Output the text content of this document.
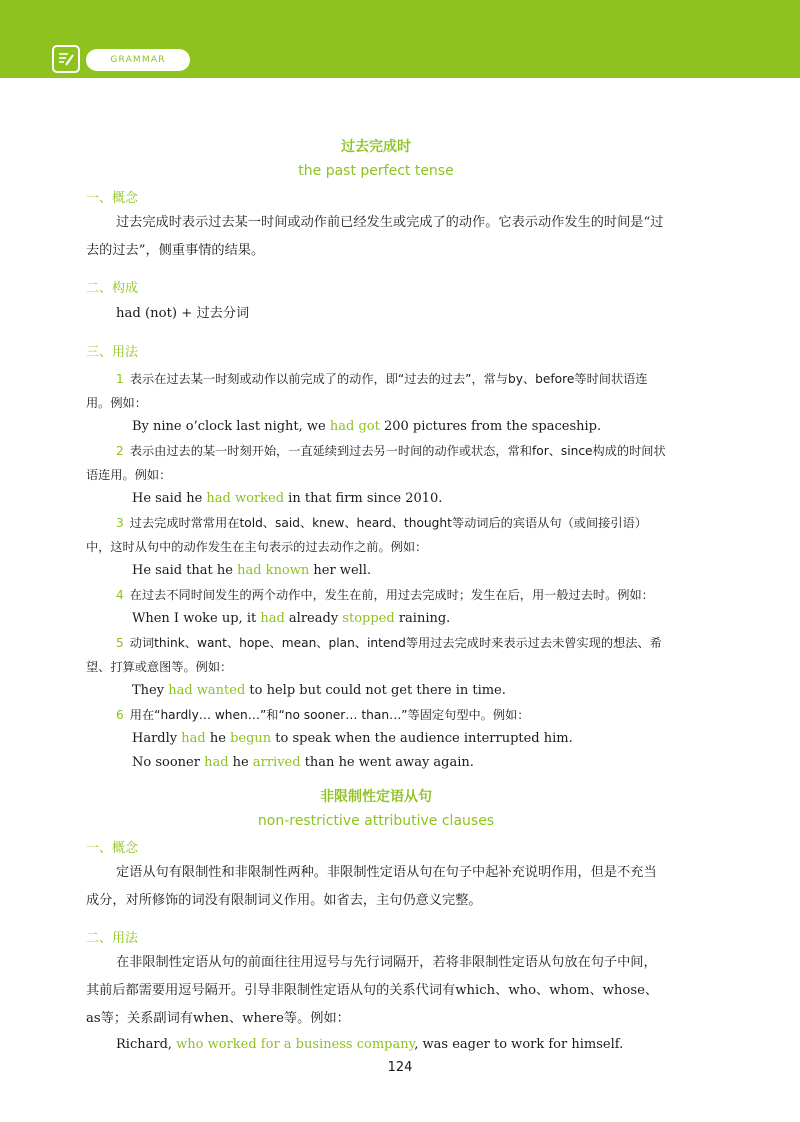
GRAMMAR
过去完成时
the past perfect tense
一、概念
过去完成时表示过去某一时间或动作前已经发生或完成了的动作。它表示动作发生的时间是“过去的过去”，侧重事情的结果。
二、构成
had (not) + 过去分词
三、用法
1 表示在过去某一时刻或动作以前完成了的动作，即“过去的过去”，常与by、before等时间状语连用。例如：
By nine o’clock last night, we had got 200 pictures from the spaceship.
2 表示由过去的某一时刻开始，一直延续到过去另一时间的动作或状态，常和for、since构成的时间状语连用。例如：
He said he had worked in that firm since 2010.
3 过去完成时常常用在told、said、knew、heard、thought等动词后的宾语从句（或间接引语）中，这时从句中的动作发生在主句表示的过去动作之前。例如：
He said that he had known her well.
4 在过去不同时间发生的两个动作中，发生在前，用过去完成时；发生在后，用一般过去时。例如：
When I woke up, it had already stopped raining.
5 动词think、want、hope、mean、plan、intend等用过去完成时来表示过去未曾实现的想法、希望、打算或意图等。例如：
They had wanted to help but could not get there in time.
6 用在“hardly… when…”和“no sooner… than…”等固定句型中。例如：
Hardly had he begun to speak when the audience interrupted him.
No sooner had he arrived than he went away again.
非限制性定语从句
non-restrictive attributive clauses
一、概念
定语从句有限制性和非限制性两种。非限制性定语从句在句子中起补充说明作用，但是不充当成分，对所修饰的词没有限制词义作用。如省去，主句仍意义完整。
二、用法
在非限制性定语从句的前面往往用逗号与先行词隔开，若将非限制性定语从句放在句子中间，其前后都需要用逗号隔开。引导非限制性定语从句的关系代词有which、who、whom、whose、as等；关系副词有when、where等。例如：
Richard, who worked for a business company, was eager to work for himself.
124
